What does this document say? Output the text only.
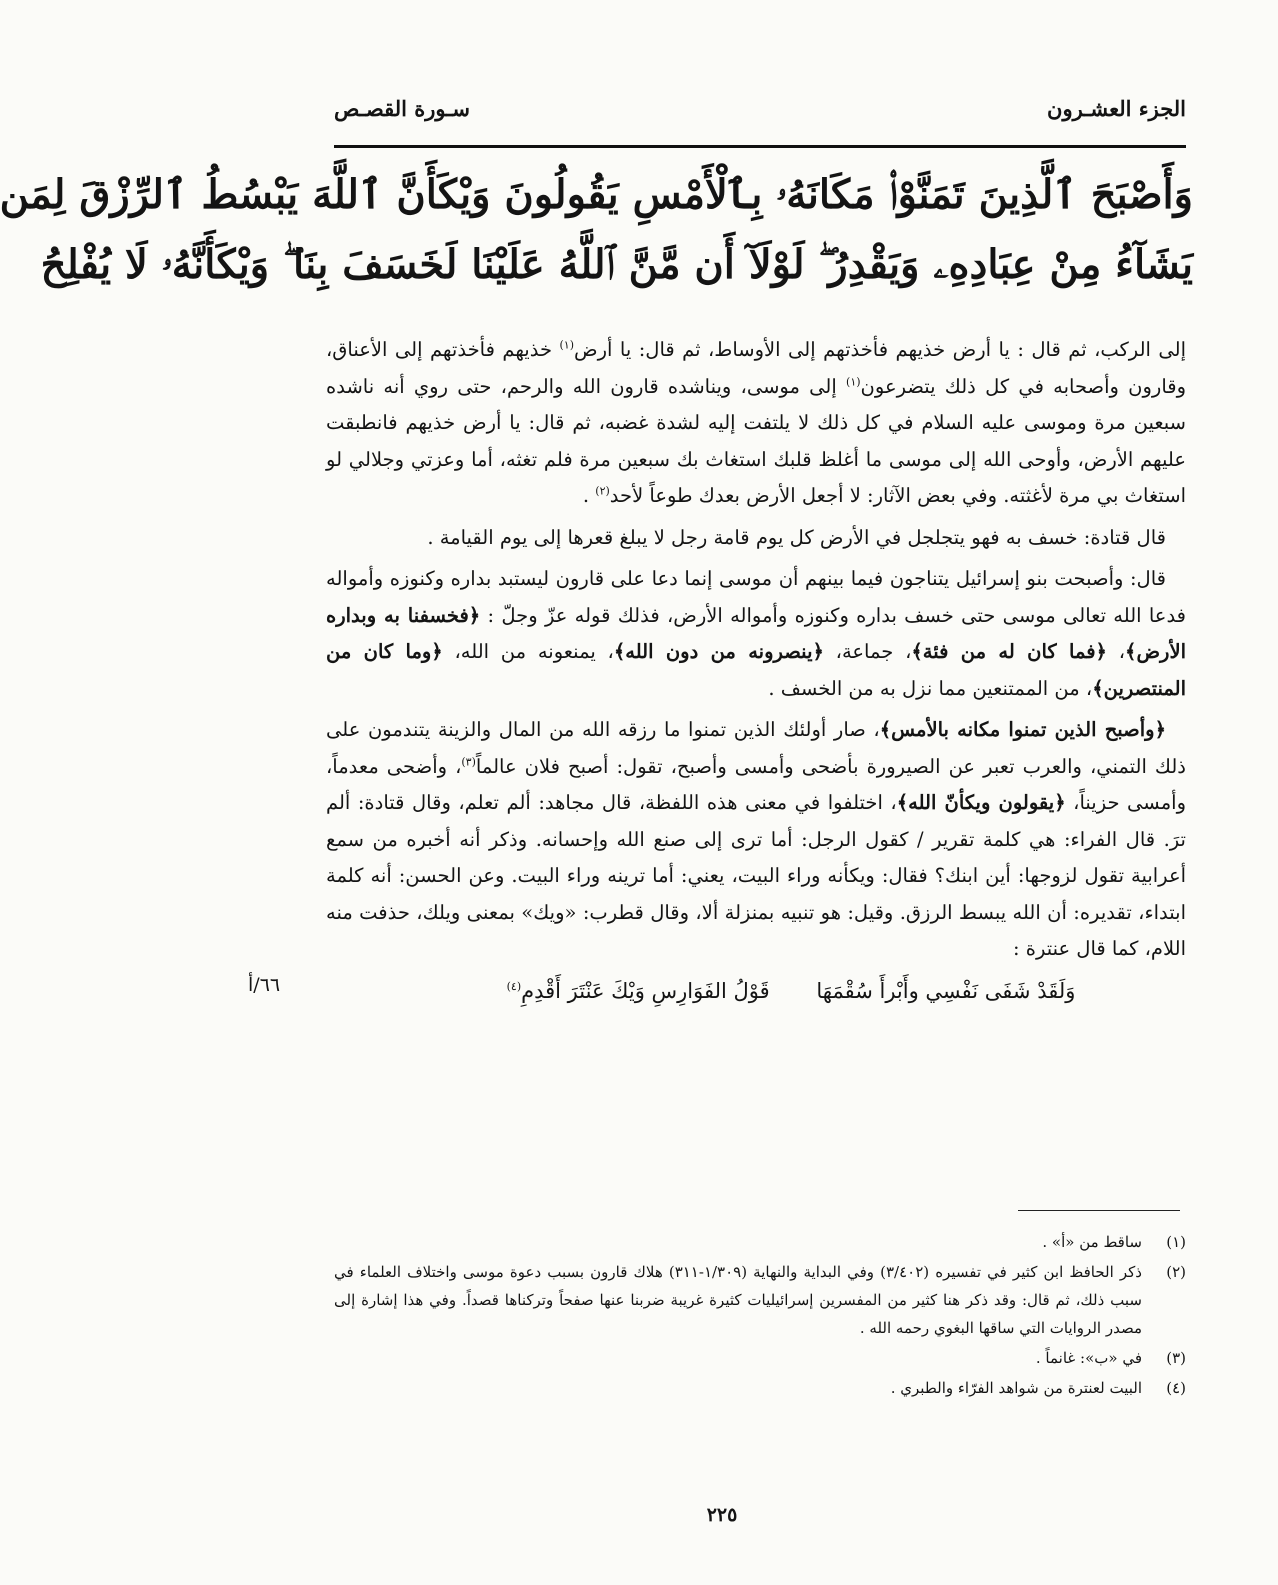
الجزء العشـرون
سـورة القصـص
وَأَصْبَحَ ٱلَّذِينَ تَمَنَّوْا۟ مَكَانَهُۥ بِٱلْأَمْسِ يَقُولُونَ وَيْكَأَنَّ ٱللَّهَ يَبْسُطُ ٱلرِّزْقَ لِمَن
يَشَآءُ مِنْ عِبَادِهِۦ وَيَقْدِرُ ۖ لَوْلَآ أَن مَّنَّ ٱللَّهُ عَلَيْنَا لَخَسَفَ بِنَا ۖ وَيْكَأَنَّهُۥ لَا يُفْلِحُ

إلى الركب، ثم قال : يا أرض خذيهم فأخذتهم إلى الأوساط، ثم قال: يا أرض$^{(١)}$ خذيهم فأخذتهم إلى الأعناق، وقارون وأصحابه في كل ذلك يتضرعون$^{(١)}$ إلى موسى، ويناشده قارون الله والرحم، حتى روي أنه ناشده سبعين مرة وموسى عليه السلام في كل ذلك لا يلتفت إليه لشدة غضبه، ثم قال: يا أرض خذيهم فانطبقت عليهم الأرض، وأوحى الله إلى موسى ما أغلظ قلبك استغاث بك سبعين مرة فلم تغثه، أما وعزتي وجلالي لو استغاث بي مرة لأغثته. وفي بعض الآثار: لا أجعل الأرض بعدك طوعاً لأحد$^{(٢)}$ .

قال قتادة: خسف به فهو يتجلجل في الأرض كل يوم قامة رجل لا يبلغ قعرها إلى يوم القيامة .

قال: وأصبحت بنو إسرائيل يتناجون فيما بينهم أن موسى إنما دعا على قارون ليستبد بداره وكنوزه وأمواله فدعا الله تعالى موسى حتى خسف بداره وكنوزه وأمواله الأرض، فذلك قوله عزّ وجلّ : ﴿فخسفنا به وبداره الأرض﴾، ﴿فما كان له من فئة﴾، جماعة، ﴿ينصرونه من دون الله﴾، يمنعونه من الله، ﴿وما كان من المنتصرين﴾، من الممتنعين مما نزل به من الخسف .

﴿وأصبح الذين تمنوا مكانه بالأمس﴾، صار أولئك الذين تمنوا ما رزقه الله من المال والزينة يتندمون على ذلك التمني، والعرب تعبر عن الصيرورة بأضحى وأمسى وأصبح، تقول: أصبح فلان عالماً$^{(٣)}$، وأضحى معدماً، وأمسى حزيناً، ﴿يقولون ويكأنّ الله﴾، اختلفوا في معنى هذه اللفظة، قال مجاهد: ألم تعلم، وقال قتادة: ألم ترَ. قال الفراء: هي كلمة تقرير / كقول الرجل: أما ترى إلى صنع الله وإحسانه. وذكر أنه أخبره من سمع أعرابية تقول لزوجها: أين ابنك؟ فقال: ويكأنه وراء البيت، يعني: أما ترينه وراء البيت. وعن الحسن: أنه كلمة ابتداء، تقديره: أن الله يبسط الرزق. وقيل: هو تنبيه بمنزلة ألا، وقال قطرب: «ويك» بمعنى ويلك، حذفت منه اللام، كما قال عنترة :

وَلَقَدْ شَفَى نَفْسِي وأَبْرأَ سُقْمَهَا       قَوْلُ الفَوَارِسِ وَيْكَ عَنْتَرَ أَقْدِمِ$^{(٤)}$
٦٦/أ
(١)
ساقط من «أ» .
(٢)
ذكر الحافظ ابن كثير في تفسيره (٣/٤٠٢) وفي البداية والنهاية (١/٣٠٩-٣١١) هلاك قارون بسبب دعوة موسى واختلاف العلماء في سبب ذلك، ثم قال: وقد ذكر هنا كثير من المفسرين إسرائيليات كثيرة غريبة ضربنا عنها صفحاً وتركناها قصداً. وفي هذا إشارة إلى مصدر الروايات التي ساقها البغوي رحمه الله .
(٣)
في «ب»: غانماً .
(٤)
البيت لعنترة من شواهد الفرّاء والطبري .
٢٢٥
